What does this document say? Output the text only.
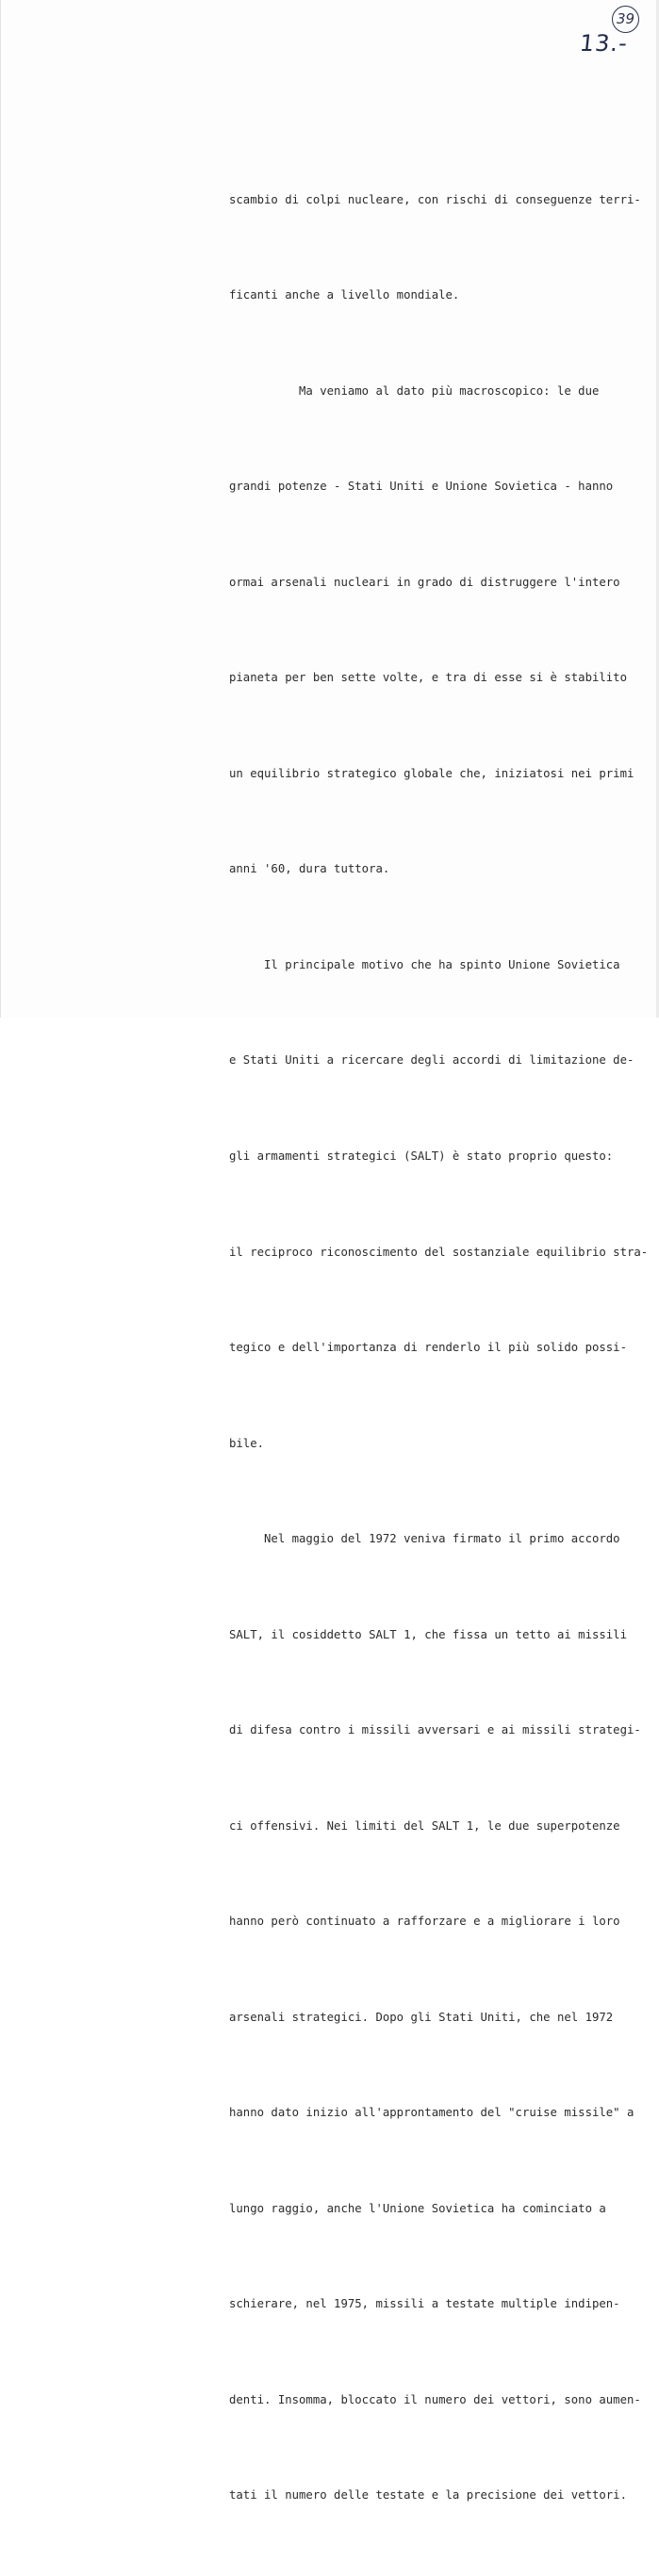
39
13.-

scambio di colpi nucleare, con rischi di conseguenze terri-

ficanti anche a livello mondiale.

Ma veniamo al dato più macroscopico: le due

grandi potenze - Stati Uniti e Unione Sovietica - hanno

ormai arsenali nucleari in grado di distruggere l'intero

pianeta per ben sette volte, e tra di esse si è stabilito

un equilibrio strategico globale che, iniziatosi nei primi

anni '60, dura tuttora.

Il principale motivo che ha spinto Unione Sovietica

e Stati Uniti a ricercare degli accordi di limitazione de-

gli armamenti strategici (SALT) è stato proprio questo:

il reciproco riconoscimento del sostanziale equilibrio stra-

tegico e dell'importanza di renderlo il più solido possi-

bile.

Nel maggio del 1972 veniva firmato il primo accordo

SALT, il cosiddetto SALT 1, che fissa un tetto ai missili

di difesa contro i missili avversari e ai missili strategi-

ci offensivi. Nei limiti del SALT 1, le due superpotenze

hanno però continuato a rafforzare e a migliorare i loro

arsenali strategici. Dopo gli Stati Uniti, che nel 1972

hanno dato inizio all'approntamento del "cruise missile" a

lungo raggio, anche l'Unione Sovietica ha cominciato a

schierare, nel 1975, missili a testate multiple indipen-

denti. Insomma, bloccato il numero dei vettori, sono aumen-

tati il numero delle testate e la precisione dei vettori.
